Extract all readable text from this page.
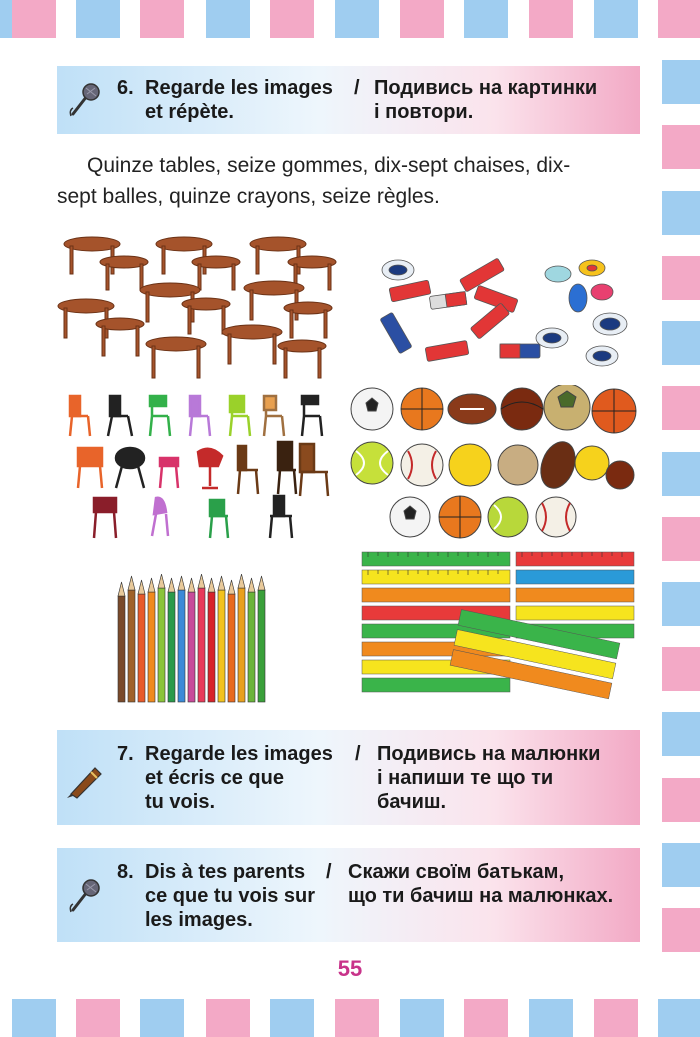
6. Regarde les images
et répète.
/ Подивись на картинки
і повтори.
Quinze tables, seize gommes, dix-sept chaises, dix-
sept balles, quinze crayons, seize règles.
7. Regarde les images
et écris ce que
tu vois.
/ Подивись на малюнки
і напиши те що ти
бачиш.
8. Dis à tes parents
ce que tu vois sur
les images.
/ Скажи своїм батькам,
що ти бачиш на малюнках.
55
